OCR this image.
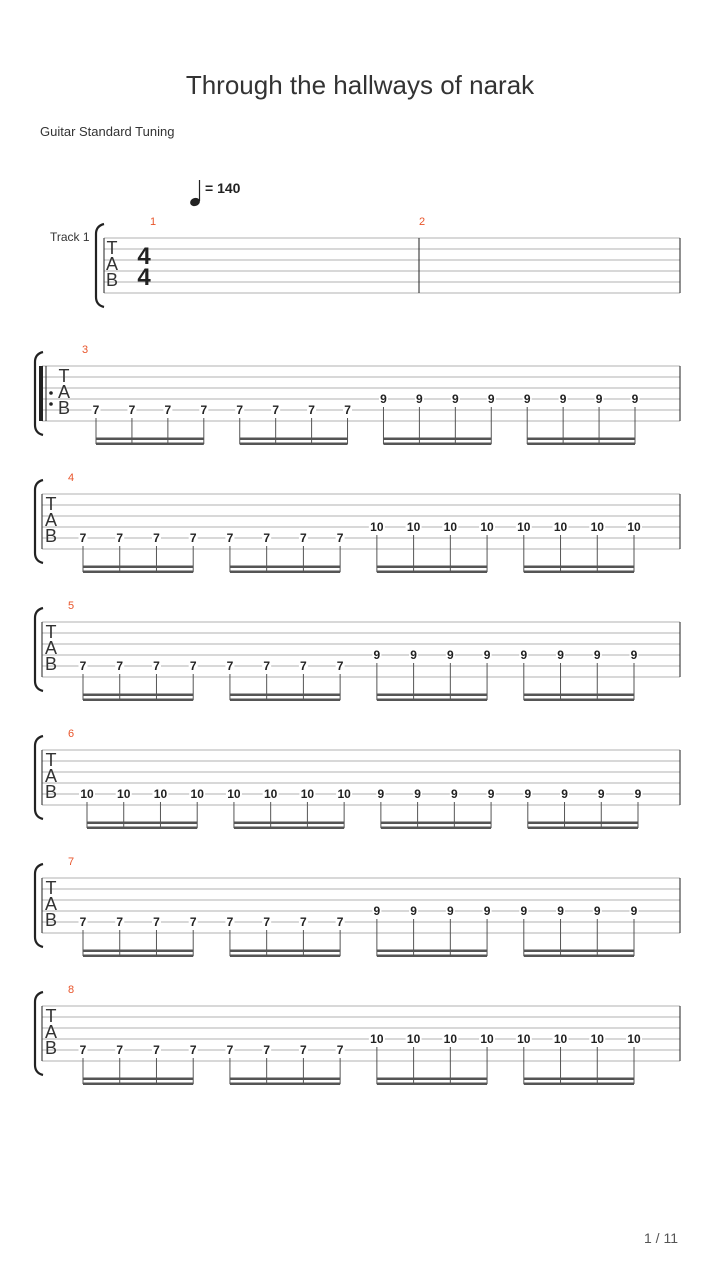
Through the hallways of narak
Guitar Standard Tuning
= 140
Track 1
T
A
B
4
4
1	2
3
T
A
B 7 7 7 7 7 7 7 7
9 9 9 9 9 9 9 9
4
T
A
B 7	7	7	7	7	7	7	7
10 10 10 10 10 10 10 10
5
T
A
B 7	7	7	7	7	7	7	7
9	9	9	9	9	9	9	9
6
T
A
B 10 10 10 10 10 10 10 10 9	9	9	9	9	9	9	9
7
T
A
B 7	7	7	7	7	7	7	7
9	9	9	9	9	9	9	9
8
T
A
B 7	7	7	7	7	7	7	7
10 10 10 10 10 10 10 10
1 / 11
